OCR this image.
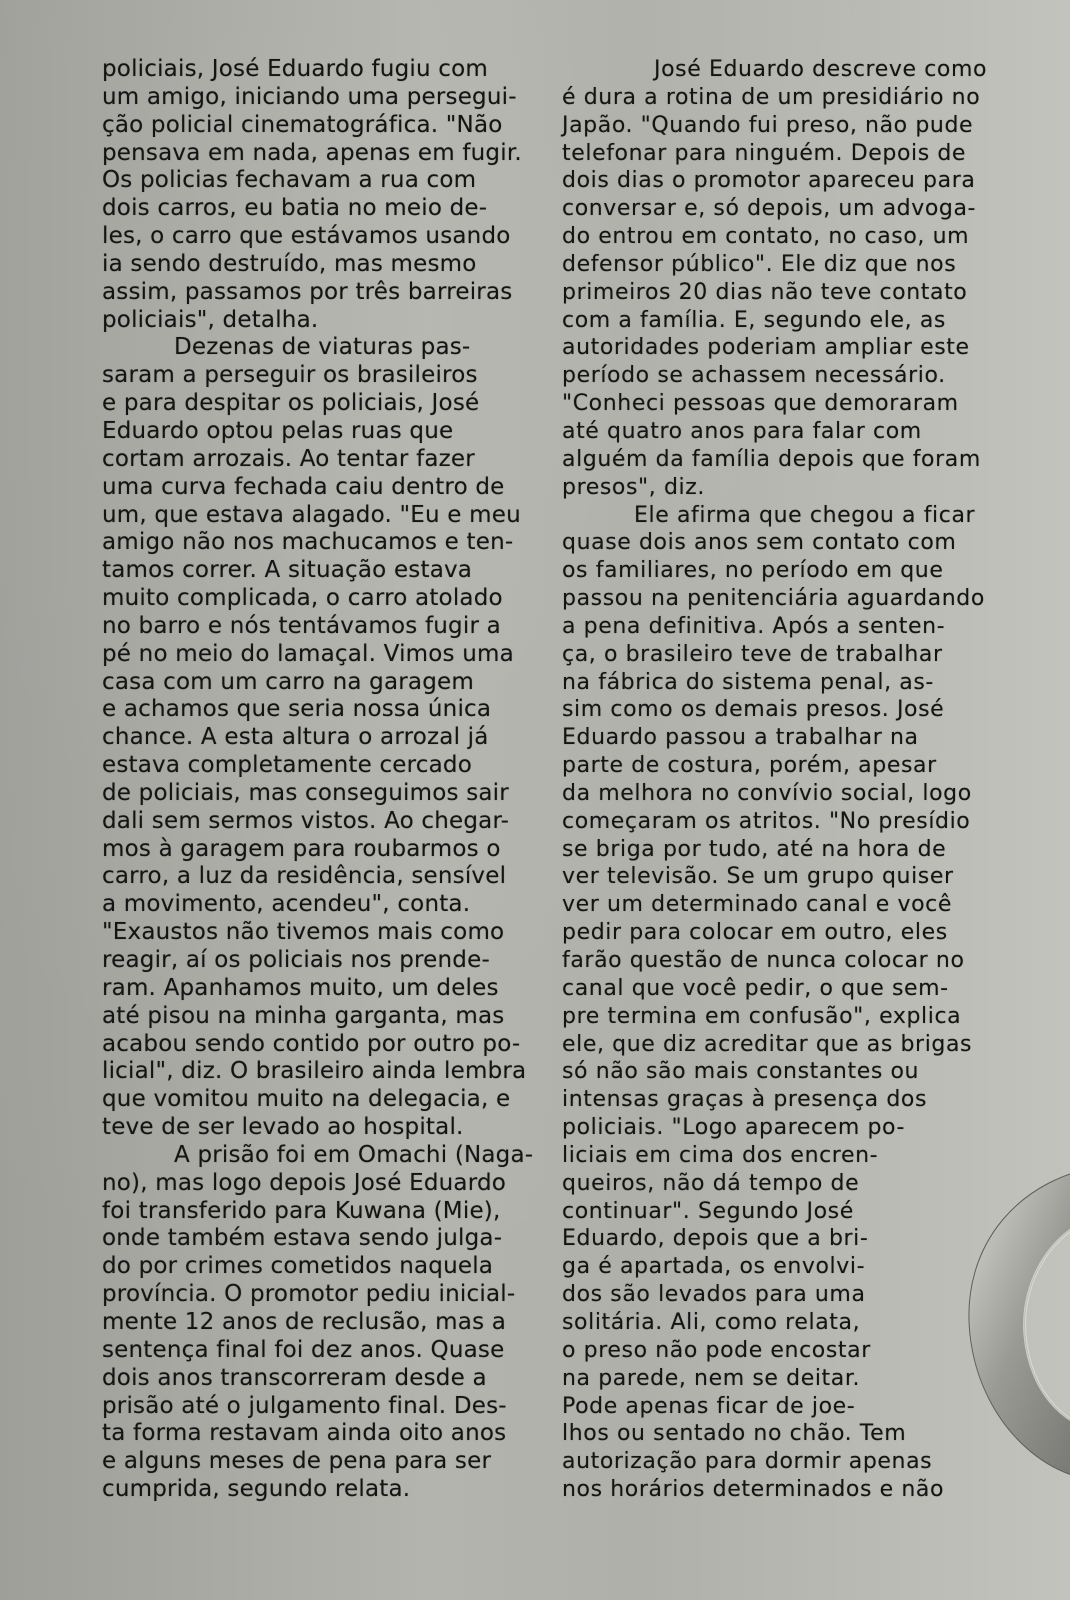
policiais, José Eduardo fugiu com
um amigo, iniciando uma persegui-
ção policial cinematográfica. "Não
pensava em nada, apenas em fugir.
Os policias fechavam a rua com
dois carros, eu batia no meio de-
les, o carro que estávamos usando
ia sendo destruído, mas mesmo
assim, passamos por três barreiras
policiais", detalha.
Dezenas de viaturas pas-
saram a perseguir os brasileiros
e para despitar os policiais, José
Eduardo optou pelas ruas que
cortam arrozais. Ao tentar fazer
uma curva fechada caiu dentro de
um, que estava alagado. "Eu e meu
amigo não nos machucamos e ten-
tamos correr. A situação estava
muito complicada, o carro atolado
no barro e nós tentávamos fugir a
pé no meio do lamaçal. Vimos uma
casa com um carro na garagem
e achamos que seria nossa única
chance. A esta altura o arrozal já
estava completamente cercado
de policiais, mas conseguimos sair
dali sem sermos vistos. Ao chegar-
mos à garagem para roubarmos o
carro, a luz da residência, sensível
a movimento, acendeu", conta.
"Exaustos não tivemos mais como
reagir, aí os policiais nos prende-
ram. Apanhamos muito, um deles
até pisou na minha garganta, mas
acabou sendo contido por outro po-
licial", diz. O brasileiro ainda lembra
que vomitou muito na delegacia, e
teve de ser levado ao hospital.
A prisão foi em Omachi (Naga-
no), mas logo depois José Eduardo
foi transferido para Kuwana (Mie),
onde também estava sendo julga-
do por crimes cometidos naquela
província. O promotor pediu inicial-
mente 12 anos de reclusão, mas a
sentença final foi dez anos. Quase
dois anos transcorreram desde a
prisão até o julgamento final. Des-
ta forma restavam ainda oito anos
e alguns meses de pena para ser
cumprida, segundo relata.
José Eduardo descreve como
é dura a rotina de um presidiário no
Japão. "Quando fui preso, não pude
telefonar para ninguém. Depois de
dois dias o promotor apareceu para
conversar e, só depois, um advoga-
do entrou em contato, no caso, um
defensor público". Ele diz que nos
primeiros 20 dias não teve contato
com a família. E, segundo ele, as
autoridades poderiam ampliar este
período se achassem necessário.
"Conheci pessoas que demoraram
até quatro anos para falar com
alguém da família depois que foram
presos", diz.
Ele afirma que chegou a ficar
quase dois anos sem contato com
os familiares, no período em que
passou na penitenciária aguardando
a pena definitiva. Após a senten-
ça, o brasileiro teve de trabalhar
na fábrica do sistema penal, as-
sim como os demais presos. José
Eduardo passou a trabalhar na
parte de costura, porém, apesar
da melhora no convívio social, logo
começaram os atritos. "No presídio
se briga por tudo, até na hora de
ver televisão. Se um grupo quiser
ver um determinado canal e você
pedir para colocar em outro, eles
farão questão de nunca colocar no
canal que você pedir, o que sem-
pre termina em confusão", explica
ele, que diz acreditar que as brigas
só não são mais constantes ou
intensas graças à presença dos
policiais. "Logo aparecem po-
liciais em cima dos encren-
queiros, não dá tempo de
continuar". Segundo José
Eduardo, depois que a bri-
ga é apartada, os envolvi-
dos são levados para uma
solitária. Ali, como relata,
o preso não pode encostar
na parede, nem se deitar.
Pode apenas ficar de joe-
lhos ou sentado no chão. Tem
autorização para dormir apenas
nos horários determinados e não
